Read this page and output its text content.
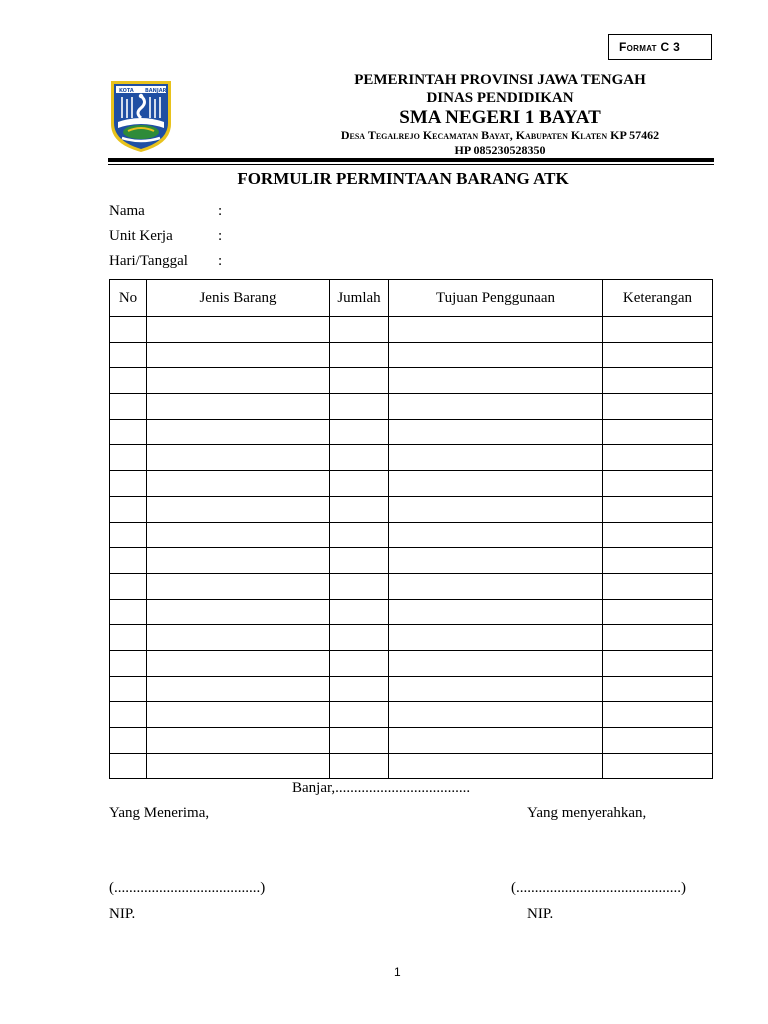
Format C 3
KOTA BANJAR
PEMERINTAH PROVINSI JAWA TENGAH
DINAS PENDIDIKAN
SMA NEGERI 1 BAYAT
Desa Tegalrejo Kecamatan Bayat, Kabupaten Klaten KP 57462
HP 085230528350
FORMULIR PERMINTAAN BARANG ATK
Nama	:
Unit Kerja	:
Hari/Tanggal :
No	Jenis Barang	Jumlah	Tujuan Penggunaan	Keterangan

Banjar,....................................
Yang Menerima,	Yang menyerahkan,
(.......................................)	(............................................)
NIP.	NIP.
1
